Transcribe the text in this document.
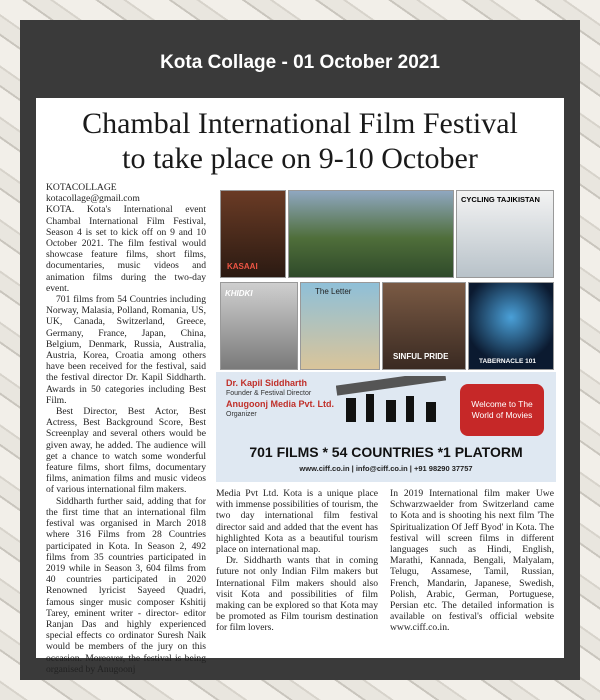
Kota Collage - 01 October 2021
Chambal International Film Festival
to take place on 9-10 October

KOTACOLLAGE

kotacollage@gmail.com

KOTA. Kota's International event Chambal International Film Festival, Season 4 is set to kick off on 9 and 10 October 2021. The film festival would showcase feature films, short films, documentaries, music videos and animation films during the two-day event.

701 films from 54 Countries including Norway, Malasia, Polland, Romania, US, UK, Canada, Switzerland, Greece, Germany, France, Japan, China, Belgium, Denmark, Russia, Australia, Austria, Korea, Croatia among others have been received for the festival, said the festival director Dr. Kapil Siddharth. Awards in 50 categories including Best Film.

Best Director, Best Actor, Best Actress, Best Background Score, Best Screenplay and several others would be given away, he added. The audience will get a chance to watch some wonderful feature films, short films, documentary films, animation films and music videos of various international film makers.

Siddharth further said, adding that for the first time that an international film festival was organised in March 2018 where 316 Films from 28 Countries participated in Kota. In Season 2, 492 films from 35 countries participated in 2019 while in Season 3, 604 films from 40 countries participated in 2020 Renowned lyricist Sayeed Quadri, famous singer music composer Kshitij Tarey, eminent writer - director- editor Ranjan Das and highly experienced special effects co ordinator Suresh Naik would be members of the jury on this occasion. Moreover, the festival is being organised by Anugoonj

KASAAI
CYCLING TAJIKISTAN
KHIDKI	The Letter
SINFUL PRIDE
TABERNACLE 101
Dr. Kapil Siddharth
Founder & Festival Director
Anugoonj Media Pvt. Ltd.
Organizer
Welcome to The World of Movies
701 FILMS * 54 COUNTRIES *1 PLATORM
www.ciff.co.in | info@ciff.co.in | +91 98290 37757

Media Pvt Ltd. Kota is a unique place with immense possibilities of tourism, the two day international film festival director said and added that the event has highlighted Kota as a beautiful tourism place on international map.

Dr. Siddharth wants that in coming future not only Indian Film makers but International Film makers should also visit Kota and possibilities of film making can be explored so that Kota may be promoted as Film tourism destination for film lovers.

In 2019 International film maker Uwe Schwarzwaelder from Switzerland came to Kota and is shooting his next film 'The Spiritualization Of Jeff Byod' in Kota. The festival will screen films in different languages such as Hindi, English, Marathi, Kannada, Bengali, Malyalam, Telugu, Assamese, Tamil, Russian, French, Mandarin, Japanese, Swedish, Polish, Arabic, German, Portuguese, Persian etc. The detailed information is available on festival's official website www.ciff.co.in.
